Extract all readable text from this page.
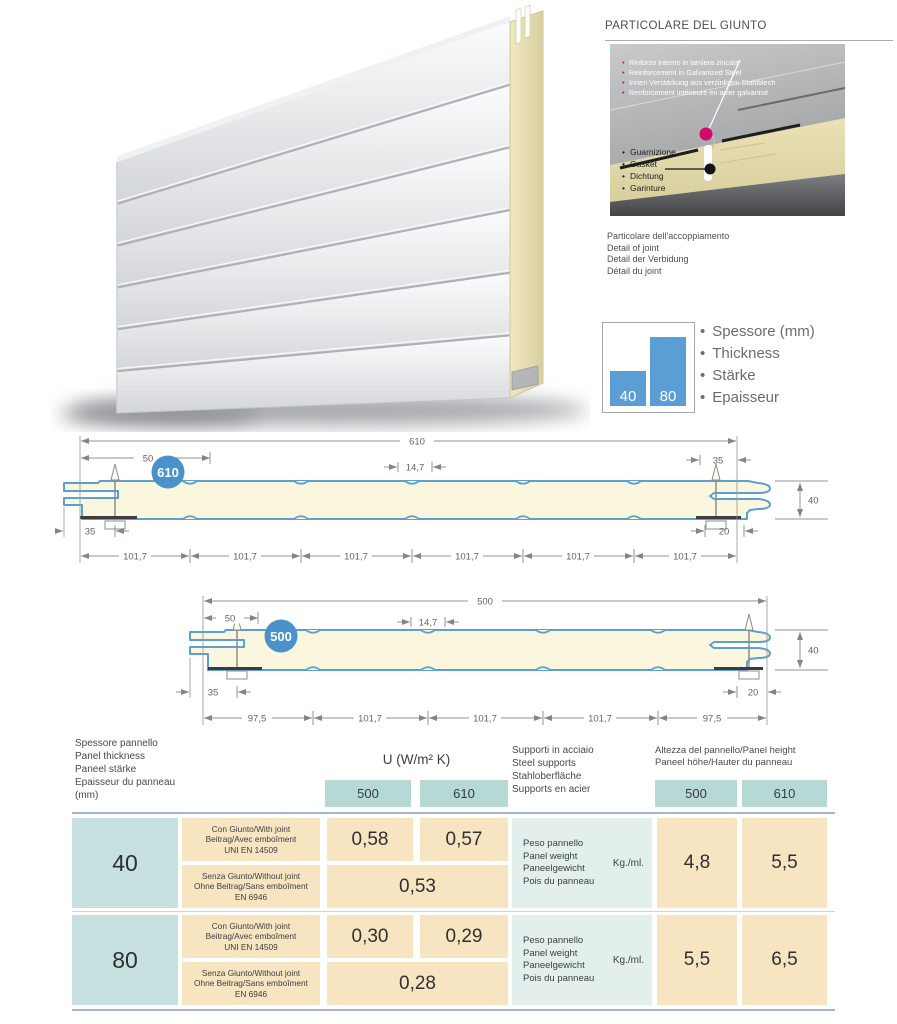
PARTICOLARE DEL GIUNTO
• Rinforzo interno in lamiera zincata
• Reinforcement in Galvanized Steel
• Innen Verstärkung aus verzinktem Stahlblech
• Renforcement intérieure en acier galvanisé
• Guarnizione
• Gasket
• Dichtung
• Garinture
Particolare dell'accoppiamento
Detail of joint
Detail der Verbidung
Détail du joint
40	80
• Spessore (mm)
• Thickness
• Stärke
• Epaisseur
610
50
14,7
35
40
35	20
101,7	101,7	101,7	101,7	101,7	101,7
610
500
50	14,7
40
35	20
97,5	101,7	101,7	101,7	97,5
500
Spessore pannello
Panel thickness
Paneel stärke
Epaisseur du panneau
(mm)
U (W/m² K)
500	610
Supporti in acciaio
Steel supports
Stahloberfläche
Supports en acier
Altezza del pannello/Panel height
Paneel höhe/Hauter du panneau
500	610
40
Con Giunto/With joint
Beitrag/Avec emboîment
UNI EN 14509
0,58	0,57
Senza Giunto/Without joint
Ohne Beitrag/Sans emboîment
EN 6946
0,53
Peso pannello
Panel weight
Paneelgewicht
Pois du panneau
Kg./ml. 4,8	5,5
80
Con Giunto/With joint
Beitrag/Avec emboîment
UNI EN 14509
0,30	0,29
Senza Giunto/Without joint
Ohne Beitrag/Sans emboîment
EN 6946
0,28
Peso pannello
Panel weight
Paneelgewicht
Pois du panneau
Kg./ml. 5,5	6,5
